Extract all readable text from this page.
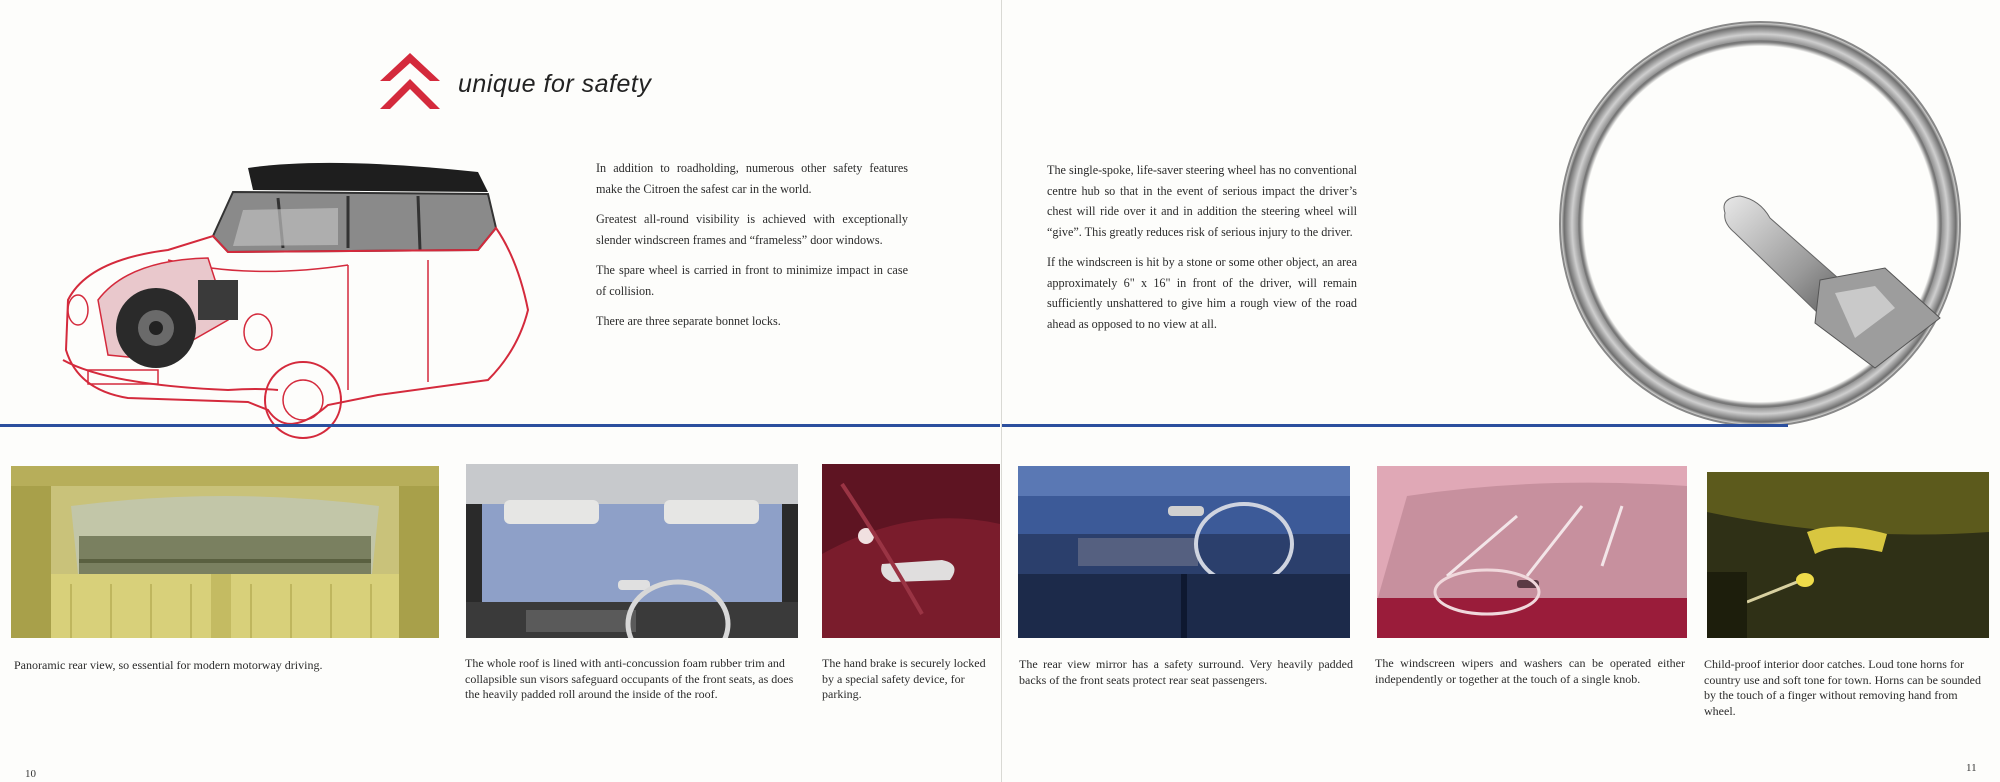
unique for safety

In addition to roadholding, numerous other safety features make the Citroen the safest car in the world.

Greatest all-round visibility is achieved with exceptionally slender windscreen frames and “frameless” door windows.

The spare wheel is carried in front to minimize impact in case of collision.

There are three separate bonnet locks.

The single-spoke, life-saver steering wheel has no conventional centre hub so that in the event of serious impact the driver’s chest will ride over it and in addition the steering wheel will “give”. This greatly reduces risk of serious injury to the driver.

If the windscreen is hit by a stone or some other object, an area approximately 6" x 16" in front of the driver, will remain sufficiently unshattered to give him a rough view of the road ahead as opposed to no view at all.

Panoramic rear view, so essential for modern motorway driving.	The whole roof is lined with anti-concussion foam rubber trim and collapsible sun visors safeguard occupants of the front seats, as does the heavily padded roll around the inside of the roof.
The hand brake is securely locked by a special safety device, for parking.
The rear view mirror has a safety surround. Very heavily padded backs of the front seats protect rear seat passengers.
The windscreen wipers and washers can be operated either independently or together at the touch of a single knob.
Child-proof interior door catches. Loud tone horns for country use and soft tone for town. Horns can be sounded by the touch of a finger without removing hand from wheel.
10	11
